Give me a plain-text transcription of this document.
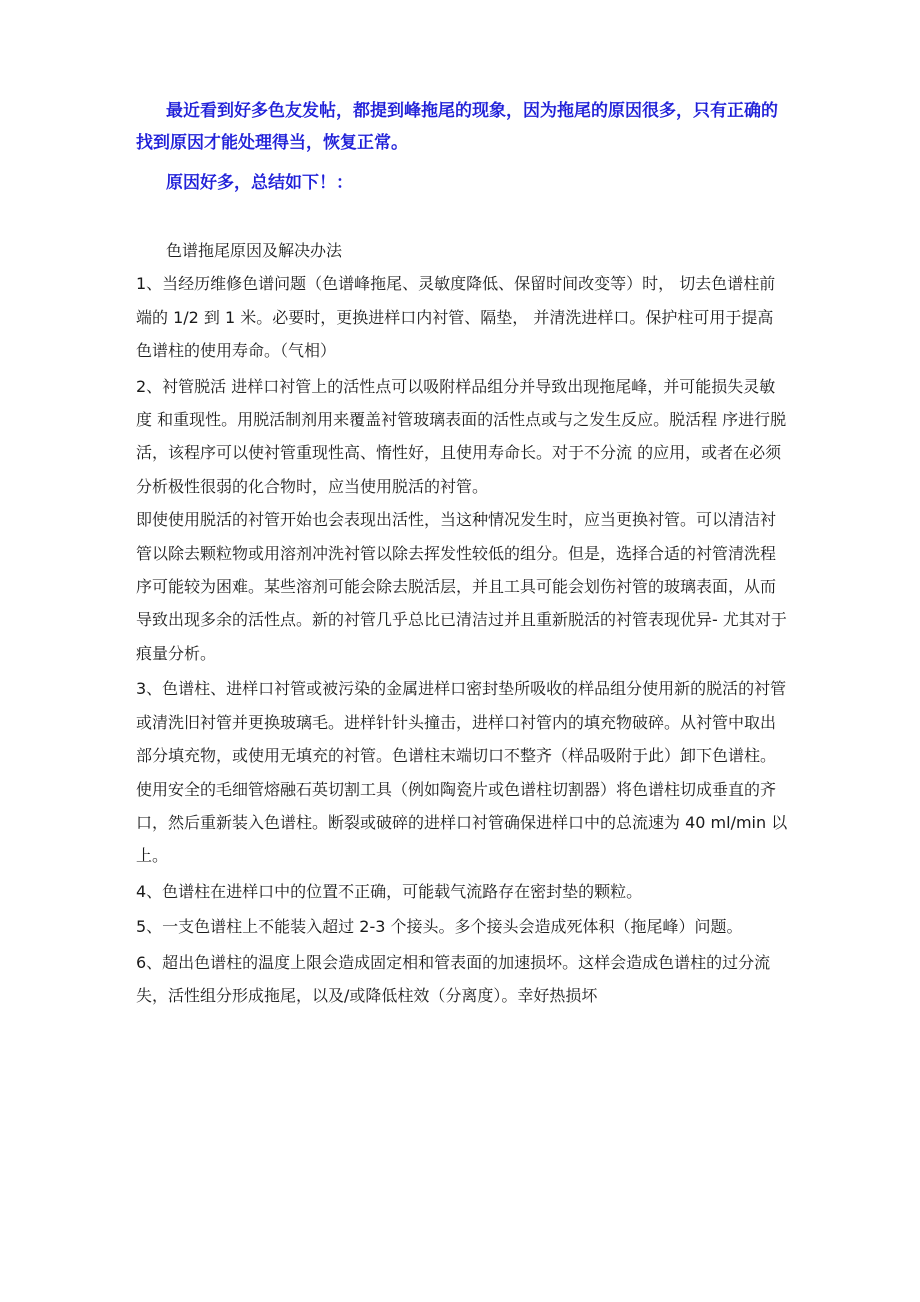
最近看到好多色友发帖，都提到峰拖尾的现象，因为拖尾的原因很多，只有正确的找到原因才能处理得当，恢复正常。

原因好多，总结如下！：

色谱拖尾原因及解决办法

1、当经历维修色谱问题（色谱峰拖尾、灵敏度降低、保留时间改变等）时， 切去色谱柱前端的 1/2 到 1 米。必要时，更换进样口内衬管、隔垫， 并清洗进样口。保护柱可用于提高色谱柱的使用寿命。（气相）

2、衬管脱活 进样口衬管上的活性点可以吸附样品组分并导致出现拖尾峰，并可能损失灵敏度 和重现性。用脱活制剂用来覆盖衬管玻璃表面的活性点或与之发生反应。脱活程 序进行脱活，该程序可以使衬管重现性高、惰性好，且使用寿命长。对于不分流 的应用，或者在必须分析极性很弱的化合物时，应当使用脱活的衬管。

即使使用脱活的衬管开始也会表现出活性，当这种情况发生时，应当更换衬管。可以清洁衬管以除去颗粒物或用溶剂冲洗衬管以除去挥发性较低的组分。但是，选择合适的衬管清洗程序可能较为困难。某些溶剂可能会除去脱活层，并且工具可能会划伤衬管的玻璃表面，从而导致出现多余的活性点。新的衬管几乎总比已清洁过并且重新脱活的衬管表现优异- 尤其对于痕量分析。

3、色谱柱、进样口衬管或被污染的金属进样口密封垫所吸收的样品组分使用新的脱活的衬管或清洗旧衬管并更换玻璃毛。进样针针头撞击，进样口衬管内的填充物破碎。从衬管中取出部分填充物，或使用无填充的衬管。色谱柱末端切口不整齐（样品吸附于此）卸下色谱柱。使用安全的毛细管熔融石英切割工具（例如陶瓷片或色谱柱切割器）将色谱柱切成垂直的齐口，然后重新装入色谱柱。断裂或破碎的进样口衬管确保进样口中的总流速为 40 ml/min 以上。

4、色谱柱在进样口中的位置不正确，可能载气流路存在密封垫的颗粒。

5、一支色谱柱上不能装入超过 2-3 个接头。多个接头会造成死体积（拖尾峰）问题。

6、超出色谱柱的温度上限会造成固定相和管表面的加速损坏。这样会造成色谱柱的过分流失，活性组分形成拖尾，以及/或降低柱效（分离度）。幸好热损坏
